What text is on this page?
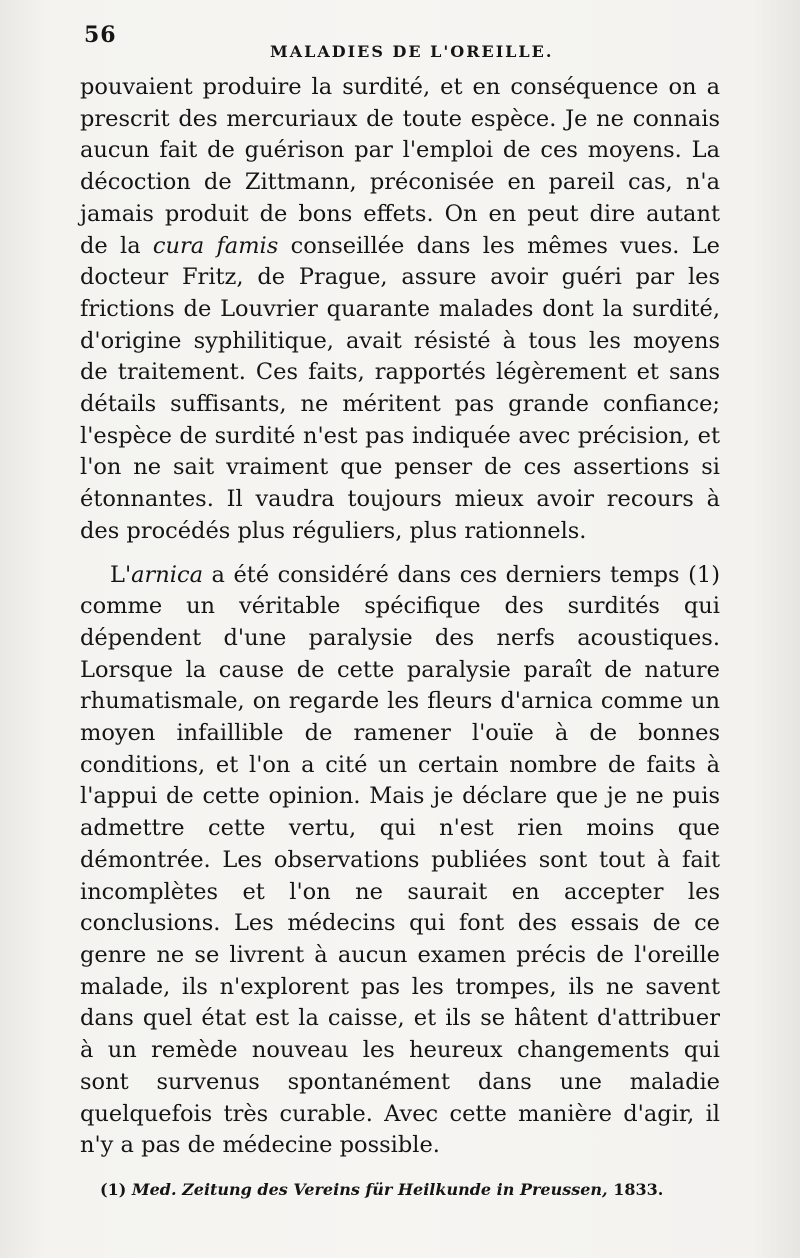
56
MALADIES DE L'OREILLE.

pouvaient produire la surdité, et en conséquence on a prescrit des mercuriaux de toute espèce. Je ne connais aucun fait de guérison par l'emploi de ces moyens. La décoction de Zittmann, préconisée en pareil cas, n'a jamais produit de bons effets. On en peut dire autant de la cura famis conseillée dans les mêmes vues. Le docteur Fritz, de Prague, assure avoir guéri par les frictions de Louvrier quarante malades dont la surdité, d'origine syphilitique, avait résisté à tous les moyens de traitement. Ces faits, rapportés légèrement et sans détails suffisants, ne méritent pas grande confiance; l'espèce de surdité n'est pas indiquée avec précision, et l'on ne sait vraiment que penser de ces assertions si étonnantes. Il vaudra toujours mieux avoir recours à des procédés plus réguliers, plus rationnels.

L'arnica a été considéré dans ces derniers temps (1) comme un véritable spécifique des surdités qui dépendent d'une paralysie des nerfs acoustiques. Lorsque la cause de cette paralysie paraît de nature rhumatismale, on regarde les fleurs d'arnica comme un moyen infaillible de ramener l'ouïe à de bonnes conditions, et l'on a cité un certain nombre de faits à l'appui de cette opinion. Mais je déclare que je ne puis admettre cette vertu, qui n'est rien moins que démontrée. Les observations publiées sont tout à fait incomplètes et l'on ne saurait en accepter les conclusions. Les médecins qui font des essais de ce genre ne se livrent à aucun examen précis de l'oreille malade, ils n'explorent pas les trompes, ils ne savent dans quel état est la caisse, et ils se hâtent d'attribuer à un remède nouveau les heureux changements qui sont survenus spontanément dans une maladie quelquefois très curable. Avec cette manière d'agir, il n'y a pas de médecine possible.

(1) Med. Zeitung des Vereins für Heilkunde in Preussen, 1833.
